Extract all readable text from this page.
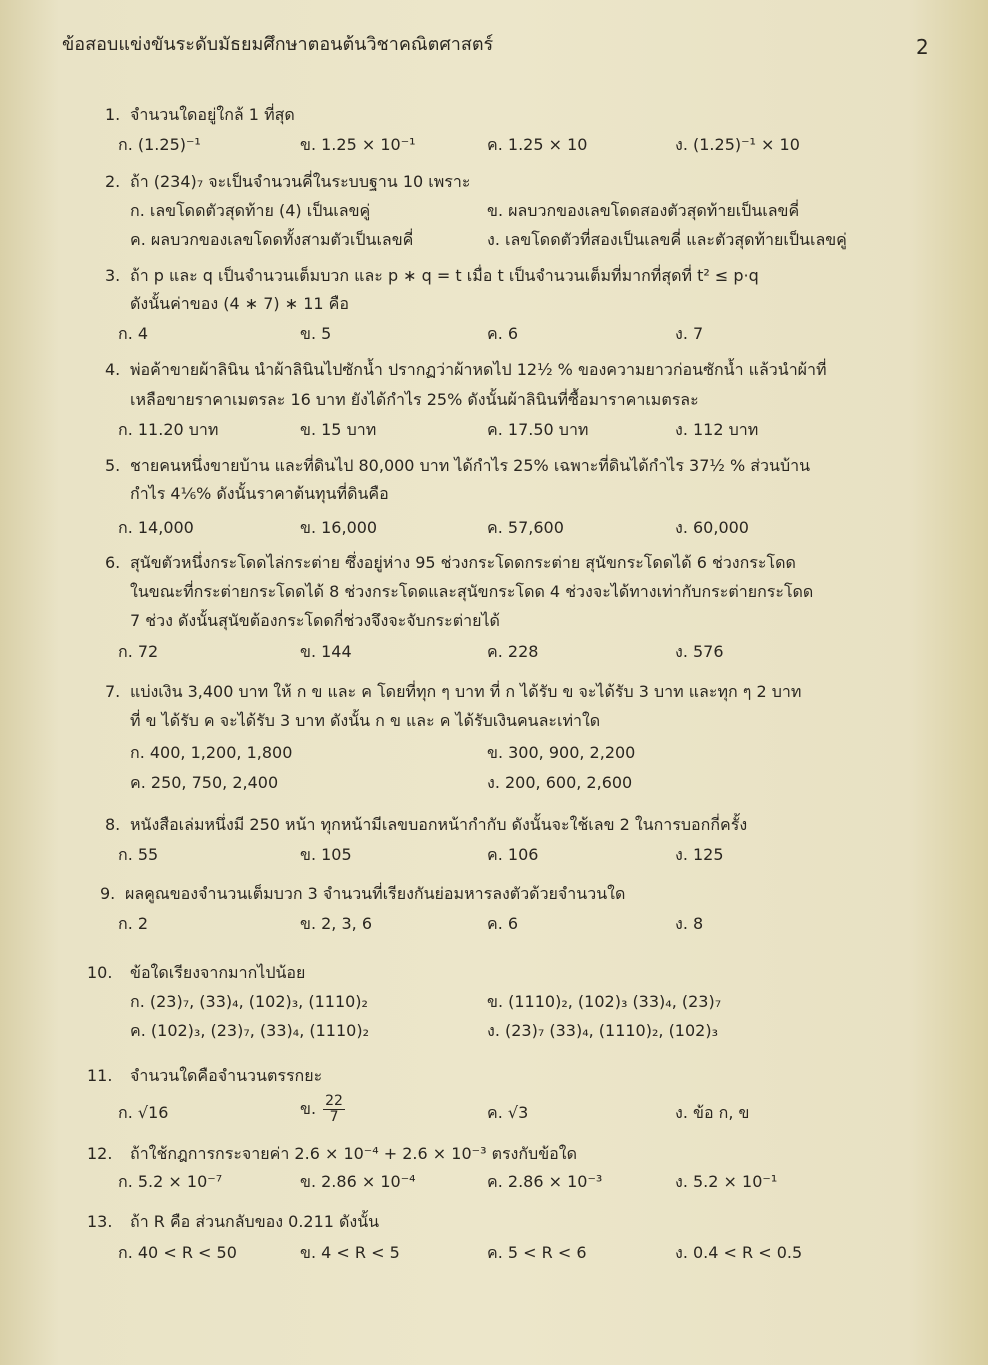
ข้อสอบแข่งขันระดับมัธยมศึกษาตอนต้นวิชาคณิตศาสตร์	2
1. จำนวนใดอยู่ใกล้ 1 ที่สุด
ก. (1.25)⁻¹	ข. 1.25 × 10⁻¹	ค. 1.25 × 10	ง. (1.25)⁻¹ × 10
2. ถ้า (234)₇ จะเป็นจำนวนคี่ในระบบฐาน 10 เพราะ
ก. เลขโดดตัวสุดท้าย (4) เป็นเลขคู่	ข. ผลบวกของเลขโดดสองตัวสุดท้ายเป็นเลขคี่
ค. ผลบวกของเลขโดดทั้งสามตัวเป็นเลขคี่	ง. เลขโดดตัวที่สองเป็นเลขคี่ และตัวสุดท้ายเป็นเลขคู่
3. ถ้า p และ q เป็นจำนวนเต็มบวก และ p ∗ q = t เมื่อ t เป็นจำนวนเต็มที่มากที่สุดที่ t² ≤ p·q
ดังนั้นค่าของ (4 ∗ 7) ∗ 11 คือ
ก. 4	ข. 5	ค. 6	ง. 7
4. พ่อค้าขายผ้าลินิน นำผ้าลินินไปซักน้ำ ปรากฏว่าผ้าหดไป 12½ % ของความยาวก่อนซักน้ำ แล้วนำผ้าที่
เหลือขายราคาเมตรละ 16 บาท ยังได้กำไร 25% ดังนั้นผ้าลินินที่ซื้อมาราคาเมตรละ
ก. 11.20 บาท	ข. 15 บาท	ค. 17.50 บาท	ง. 112 บาท
5. ชายคนหนึ่งขายบ้าน และที่ดินไป 80,000 บาท ได้กำไร 25% เฉพาะที่ดินได้กำไร 37½ % ส่วนบ้าน
กำไร 4⅙% ดังนั้นราคาต้นทุนที่ดินคือ
ก. 14,000	ข. 16,000	ค. 57,600	ง. 60,000
6. สุนัขตัวหนึ่งกระโดดไล่กระต่าย ซึ่งอยู่ห่าง 95 ช่วงกระโดดกระต่าย สุนัขกระโดดได้ 6 ช่วงกระโดด
ในขณะที่กระต่ายกระโดดได้ 8 ช่วงกระโดดและสุนัขกระโดด 4 ช่วงจะได้ทางเท่ากับกระต่ายกระโดด
7 ช่วง ดังนั้นสุนัขต้องกระโดดกี่ช่วงจึงจะจับกระต่ายได้
ก. 72	ข. 144	ค. 228	ง. 576
7. แบ่งเงิน 3,400 บาท ให้ ก ข และ ค โดยที่ทุก ๆ บาท ที่ ก ได้รับ ข จะได้รับ 3 บาท และทุก ๆ 2 บาท
ที่ ข ได้รับ ค จะได้รับ 3 บาท ดังนั้น ก ข และ ค ได้รับเงินคนละเท่าใด
ก. 400, 1,200, 1,800	ข. 300, 900, 2,200
ค. 250, 750, 2,400	ง. 200, 600, 2,600
8. หนังสือเล่มหนึ่งมี 250 หน้า ทุกหน้ามีเลขบอกหน้ากำกับ ดังนั้นจะใช้เลข 2 ในการบอกกี่ครั้ง
ก. 55	ข. 105	ค. 106	ง. 125
9. ผลคูณของจำนวนเต็มบวก 3 จำนวนที่เรียงกันย่อมหารลงตัวด้วยจำนวนใด
ก. 2	ข. 2, 3, 6	ค. 6	ง. 8
10. ข้อใดเรียงจากมากไปน้อย
ก. (23)₇, (33)₄, (102)₃, (1110)₂	ข. (1110)₂, (102)₃ (33)₄, (23)₇
ค. (102)₃, (23)₇, (33)₄, (1110)₂	ง. (23)₇ (33)₄, (1110)₂, (102)₃
11. จำนวนใดคือจำนวนตรรกยะ
ก. √16	ข. $\frac{22}{7}$	ค. √3	ง. ข้อ ก, ข
12. ถ้าใช้กฎการกระจายค่า 2.6 × 10⁻⁴ + 2.6 × 10⁻³ ตรงกับข้อใด
ก. 5.2 × 10⁻⁷	ข. 2.86 × 10⁻⁴	ค. 2.86 × 10⁻³	ง. 5.2 × 10⁻¹
13. ถ้า R คือ ส่วนกลับของ 0.211 ดังนั้น
ก. 40 < R < 50	ข. 4 < R < 5	ค. 5 < R < 6	ง. 0.4 < R < 0.5
